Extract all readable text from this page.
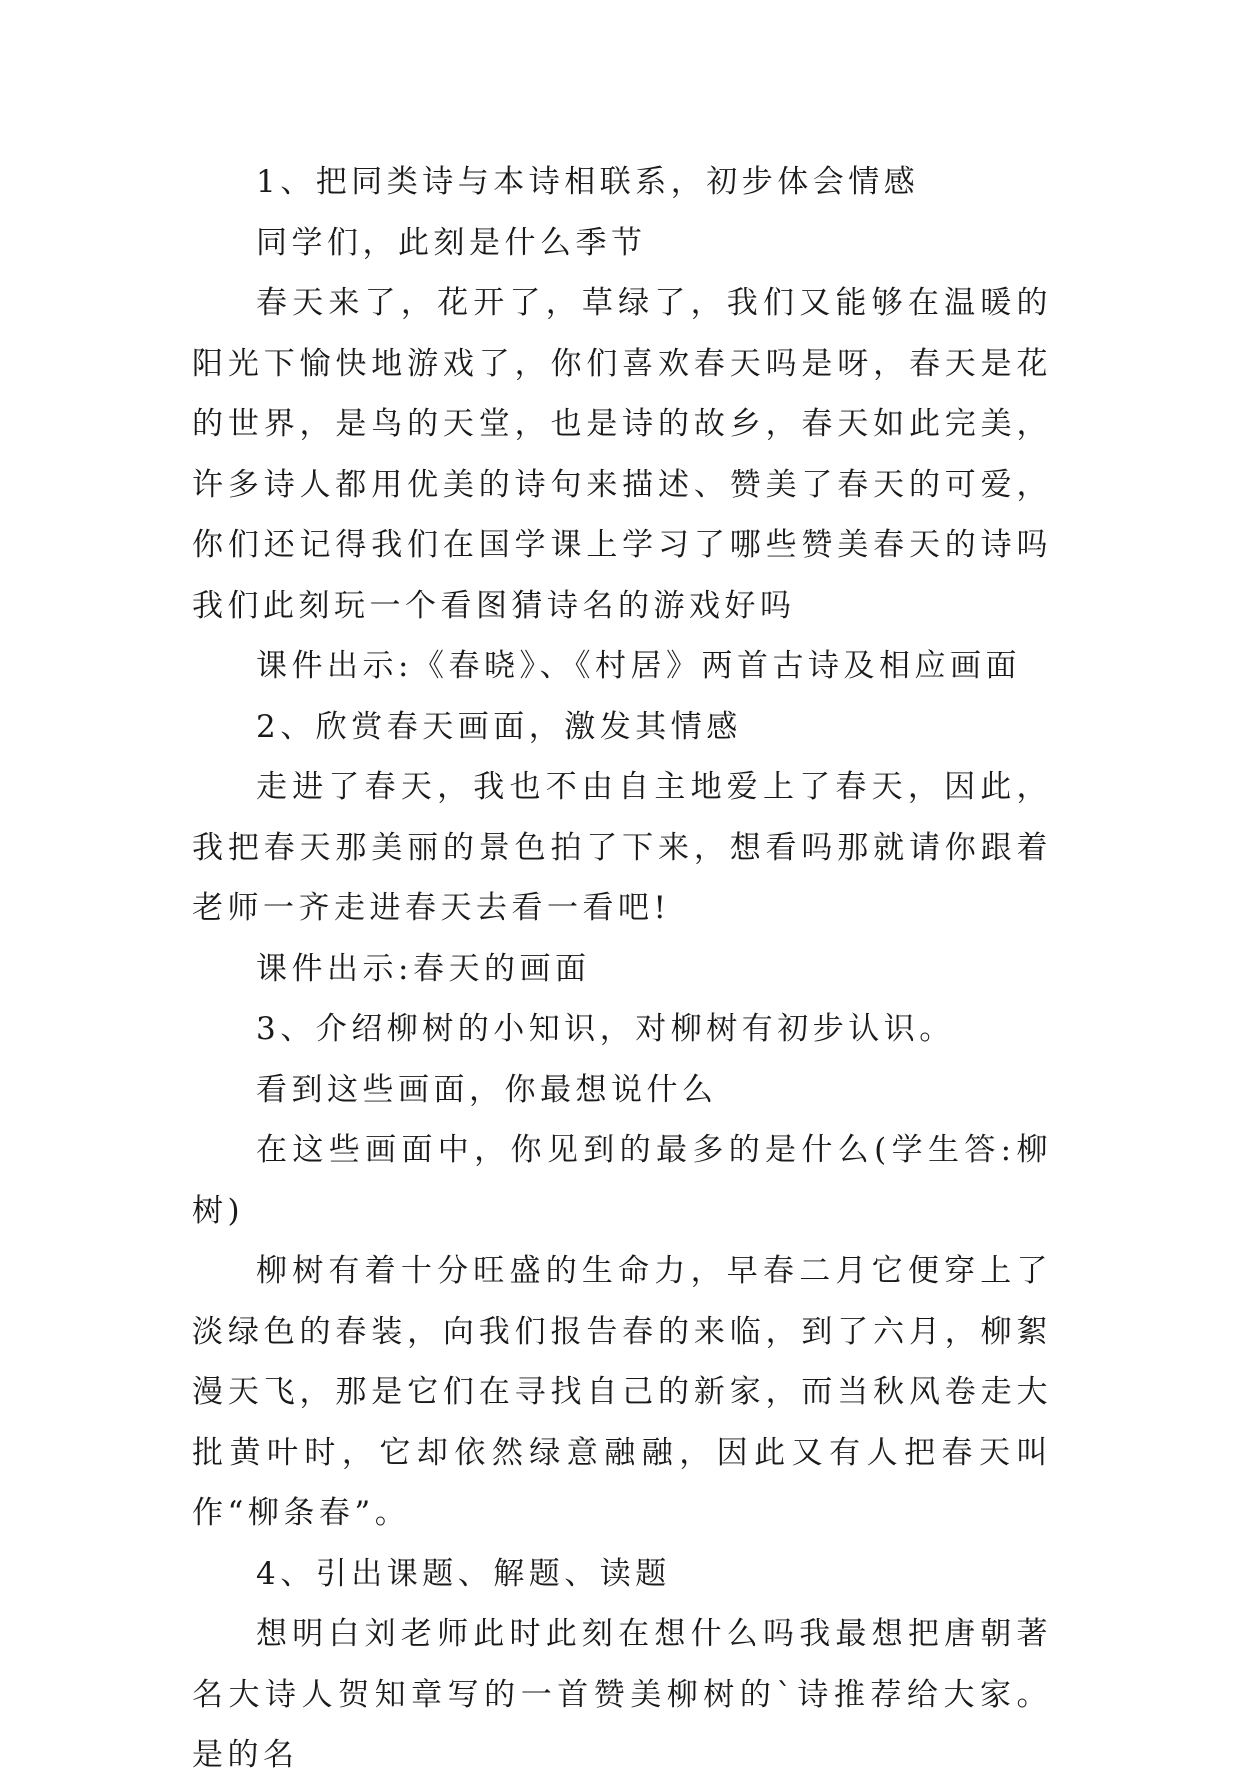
1、把同类诗与本诗相联系，初步体会情感

同学们，此刻是什么季节

春天来了，花开了，草绿了，我们又能够在温暖的阳光下愉快地游戏了，你们喜欢春天吗是呀，春天是花的世界，是鸟的天堂，也是诗的故乡，春天如此完美，许多诗人都用优美的诗句来描述、赞美了春天的可爱，你们还记得我们在国学课上学习了哪些赞美春天的诗吗我们此刻玩一个看图猜诗名的游戏好吗

课件出示:《春晓》、《村居》两首古诗及相应画面

2、欣赏春天画面，激发其情感

走进了春天，我也不由自主地爱上了春天，因此，我把春天那美丽的景色拍了下来，想看吗那就请你跟着老师一齐走进春天去看一看吧!

课件出示:春天的画面

3、介绍柳树的小知识，对柳树有初步认识。

看到这些画面，你最想说什么

在这些画面中，你见到的最多的是什么(学生答:柳树)

柳树有着十分旺盛的生命力，早春二月它便穿上了淡绿色的春装，向我们报告春的来临，到了六月，柳絮漫天飞，那是它们在寻找自己的新家，而当秋风卷走大批黄叶时，它却依然绿意融融，因此又有人把春天叫作“柳条春”。

4、引出课题、解题、读题

想明白刘老师此时此刻在想什么吗我最想把唐朝著名大诗人贺知章写的一首赞美柳树的`诗推荐给大家。是的名
